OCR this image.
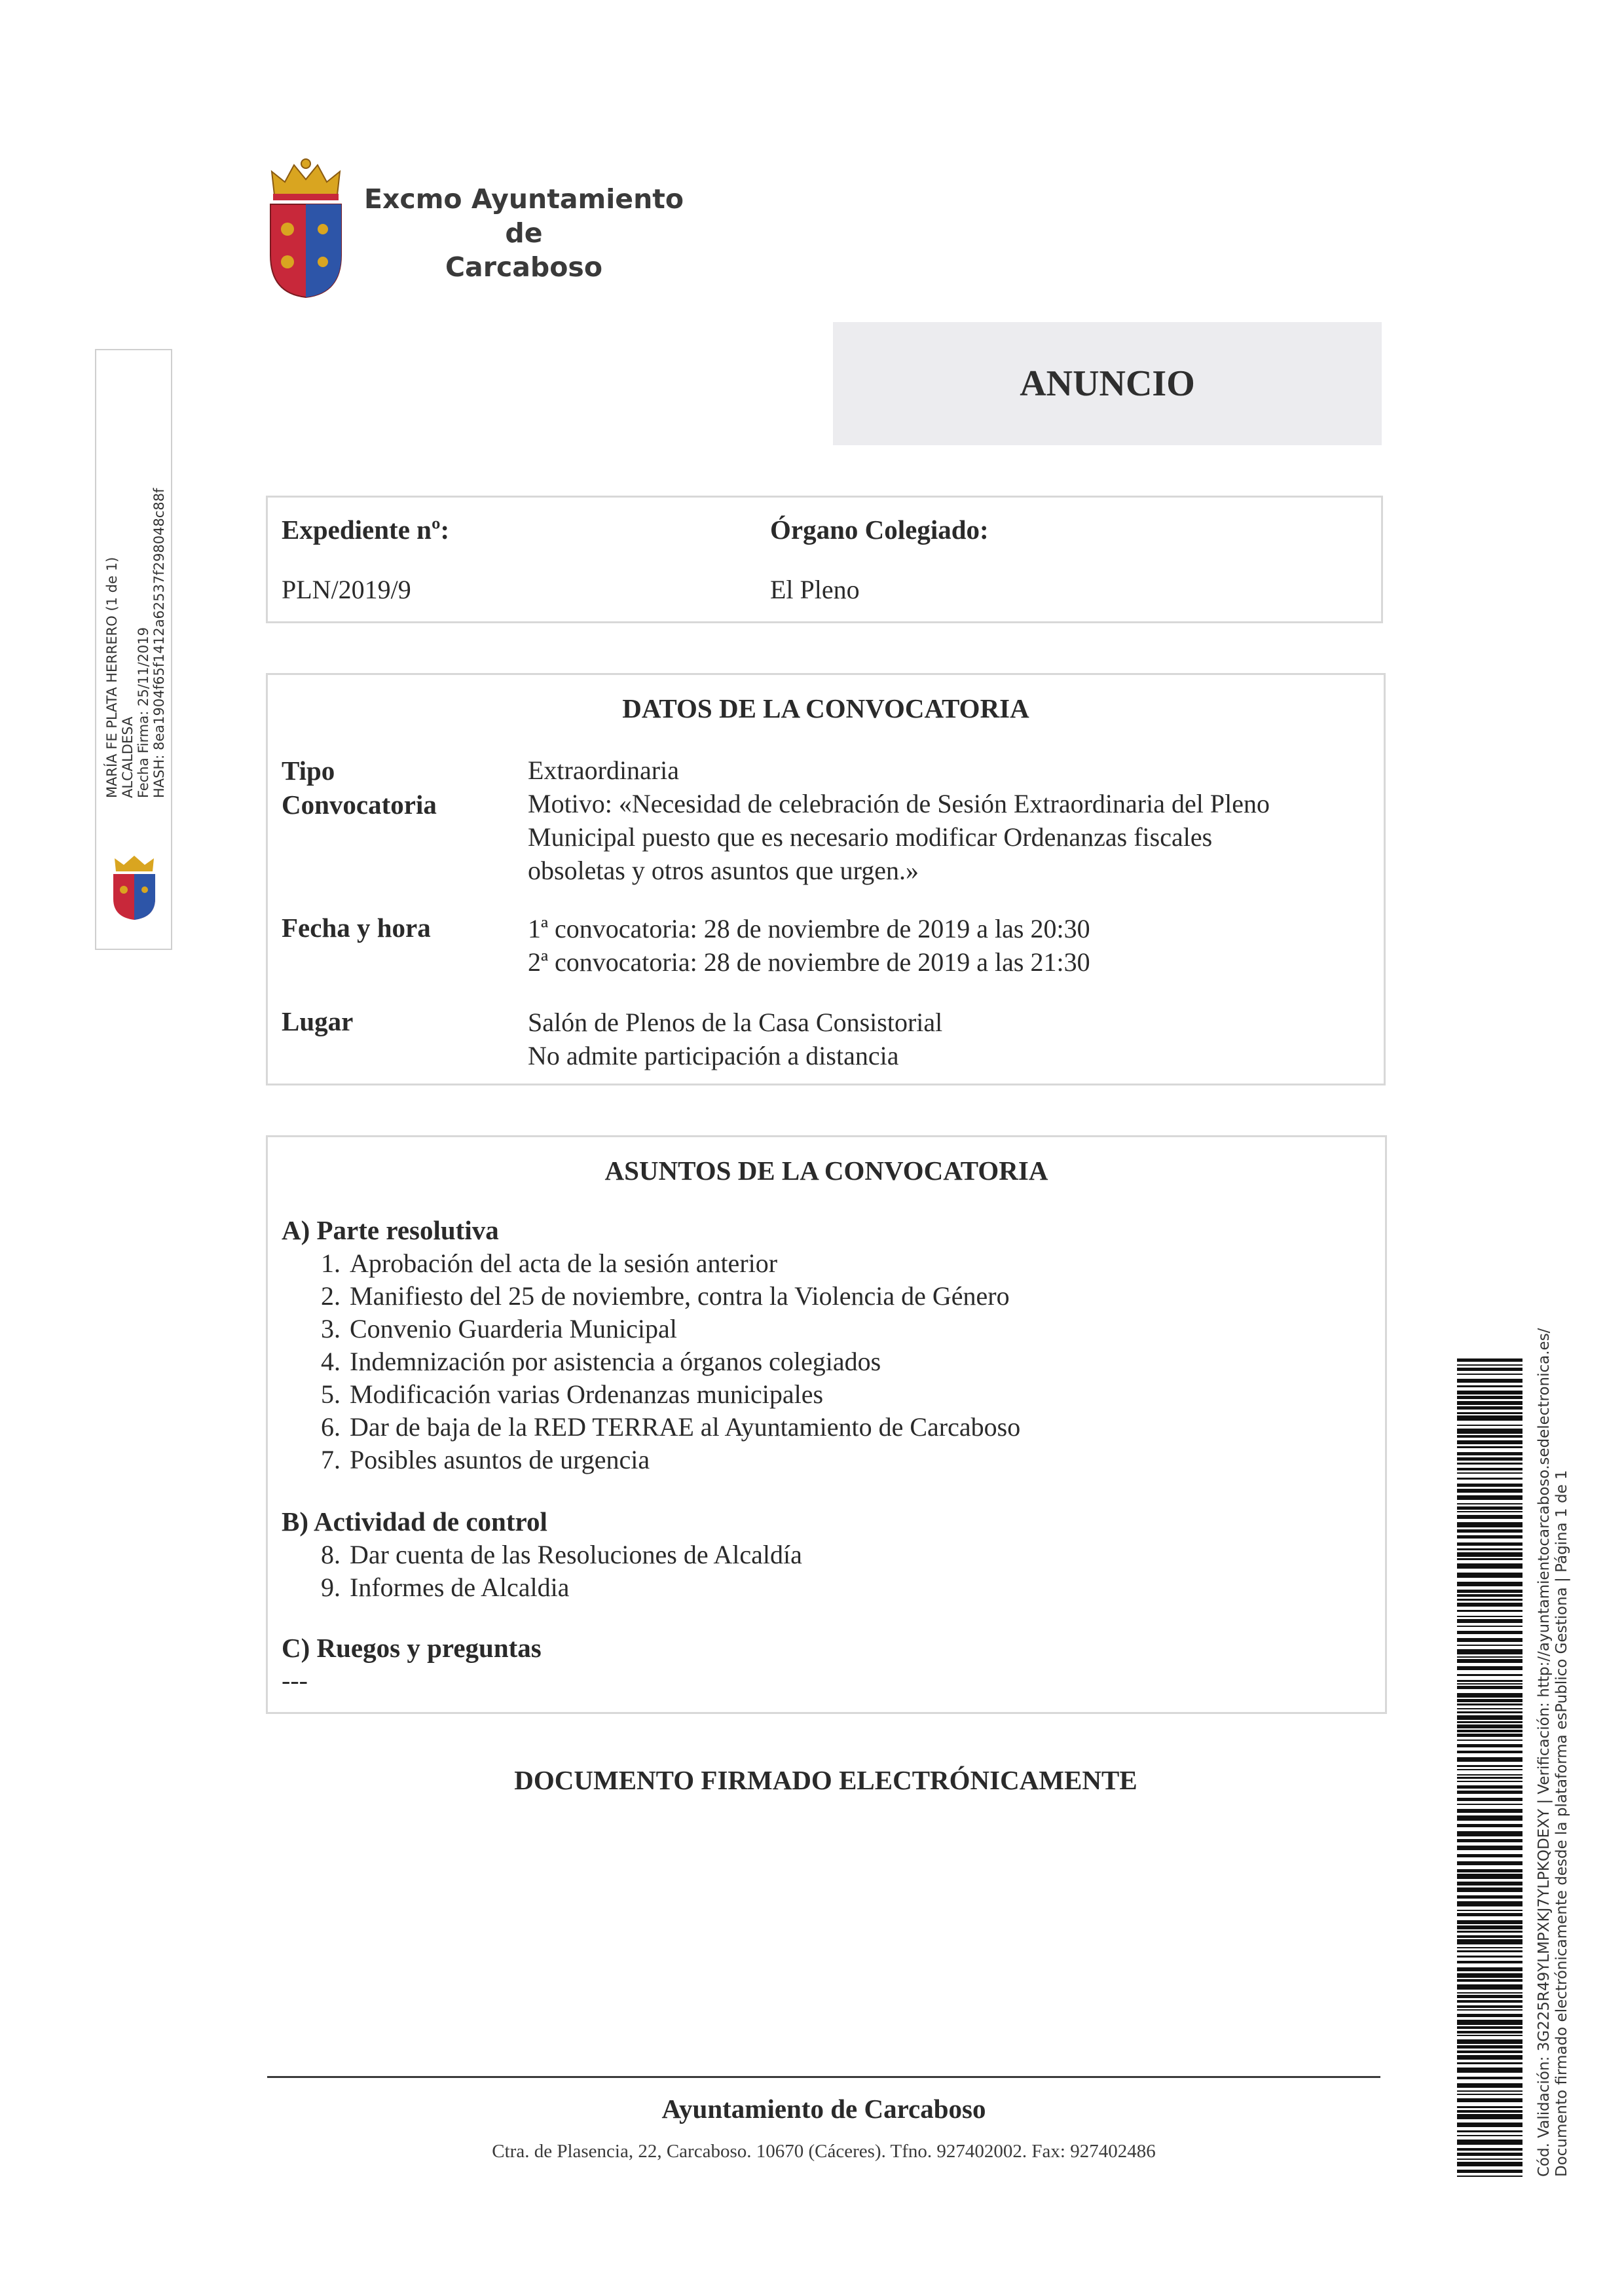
Excmo Ayuntamiento
de
Carcaboso
ANUNCIO
Expediente nº:
PLN/2019/9
Órgano Colegiado:
El Pleno
DATOS DE LA CONVOCATORIA
Tipo
Convocatoria
Extraordinaria
Motivo: «Necesidad de celebración de Sesión Extraordinaria del Pleno
Municipal puesto que es necesario modificar Ordenanzas fiscales
obsoletas y otros asuntos que urgen.»
Fecha y hora	1ª convocatoria: 28 de noviembre de 2019 a las 20:30
2ª convocatoria: 28 de noviembre de 2019 a las 21:30
Lugar	Salón de Plenos de la Casa Consistorial
No admite participación a distancia
ASUNTOS DE LA CONVOCATORIA
A) Parte resolutiva
1. Aprobación del acta de la sesión anterior
2. Manifiesto del 25 de noviembre, contra la Violencia de Género
3. Convenio Guarderia Municipal
4. Indemnización por asistencia a órganos colegiados
5. Modificación varias Ordenanzas municipales
6. Dar de baja de la RED TERRAE al Ayuntamiento de Carcaboso
7. Posibles asuntos de urgencia
B) Actividad de control
8. Dar cuenta de las Resoluciones de Alcaldía
9. Informes de Alcaldia
C) Ruegos y preguntas
---
DOCUMENTO FIRMADO ELECTRÓNICAMENTE
MARÍA FE PLATA HERRERO (1 de 1) ALCALDESA Fecha Firma: 25/11/2019 HASH: 8ea1904f65f1412a62537f298048c88f
Cód. Validación: 3G225R49YLMPXKJ7YLPKQDEXY | Verificación: http://ayuntamientocarcaboso.sedelectronica.es/ Documento firmado electrónicamente desde la plataforma esPublico Gestiona | Página 1 de 1
Ayuntamiento de Carcaboso
Ctra. de Plasencia, 22, Carcaboso. 10670 (Cáceres). Tfno. 927402002. Fax: 927402486
